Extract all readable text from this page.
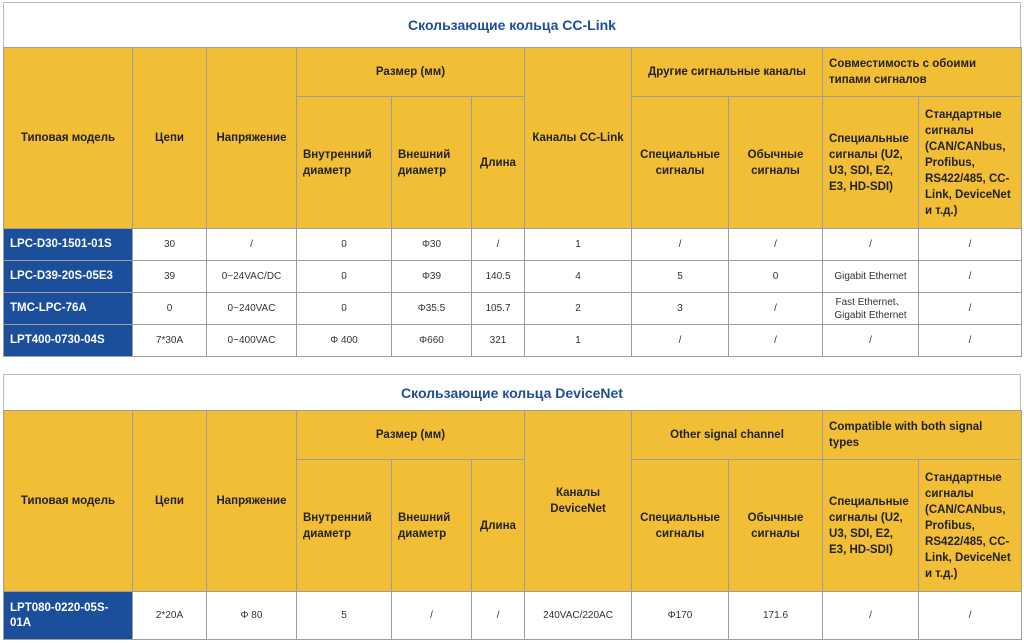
Скользающие кольца CC-Link
Типовая модель	Цепи	Напряжение	Размер (мм)			Каналы CC-Link	Другие сигнальные каналы		Совместимость с обоими типами сигналов	
			Внутренний диаметр	Внешний диаметр	Длина		Специальные сигналы	Обычные сигналы	Специальные сигналы (U2, U3, SDI, E2, E3, HD-SDI)	Стандартные сигналы (CAN/CANbus, Profibus, RS422/485, CC-Link, DeviceNet и т.д.)
LPC-D30-1501-01S	30	/	0	Φ30	/	1	/	/	/	/
LPC-D39-20S-05E3	39	0~24VAC/DC	0	Φ39	140.5	4	5	0	Gigabit Ethernet	/
TMC-LPC-76A	0	0~240VAC	0	Φ35.5	105.7	2	3	/	Fast Ethernet、Gigabit Ethernet	/
LPT400-0730-04S	7*30A	0~400VAC	Φ 400	Φ660	321	1	/	/	/	/
Скользающие кольца DeviceNet
Типовая модель	Цепи	Напряжение	Размер (мм)			Каналы DeviceNet	Other signal channel		Compatible with both signal types	
			Внутренний диаметр	Внешний диаметр	Длина		Специальные сигналы	Обычные сигналы	Специальные сигналы (U2, U3, SDI, E2, E3, HD-SDI)	Стандартные сигналы (CAN/CANbus, Profibus, RS422/485, CC-Link, DeviceNet и т.д.)
LPT080-0220-05S-01A	2*20A	Φ 80	5	/	/	240VAC/220AC	Φ170	171.6	/	/
